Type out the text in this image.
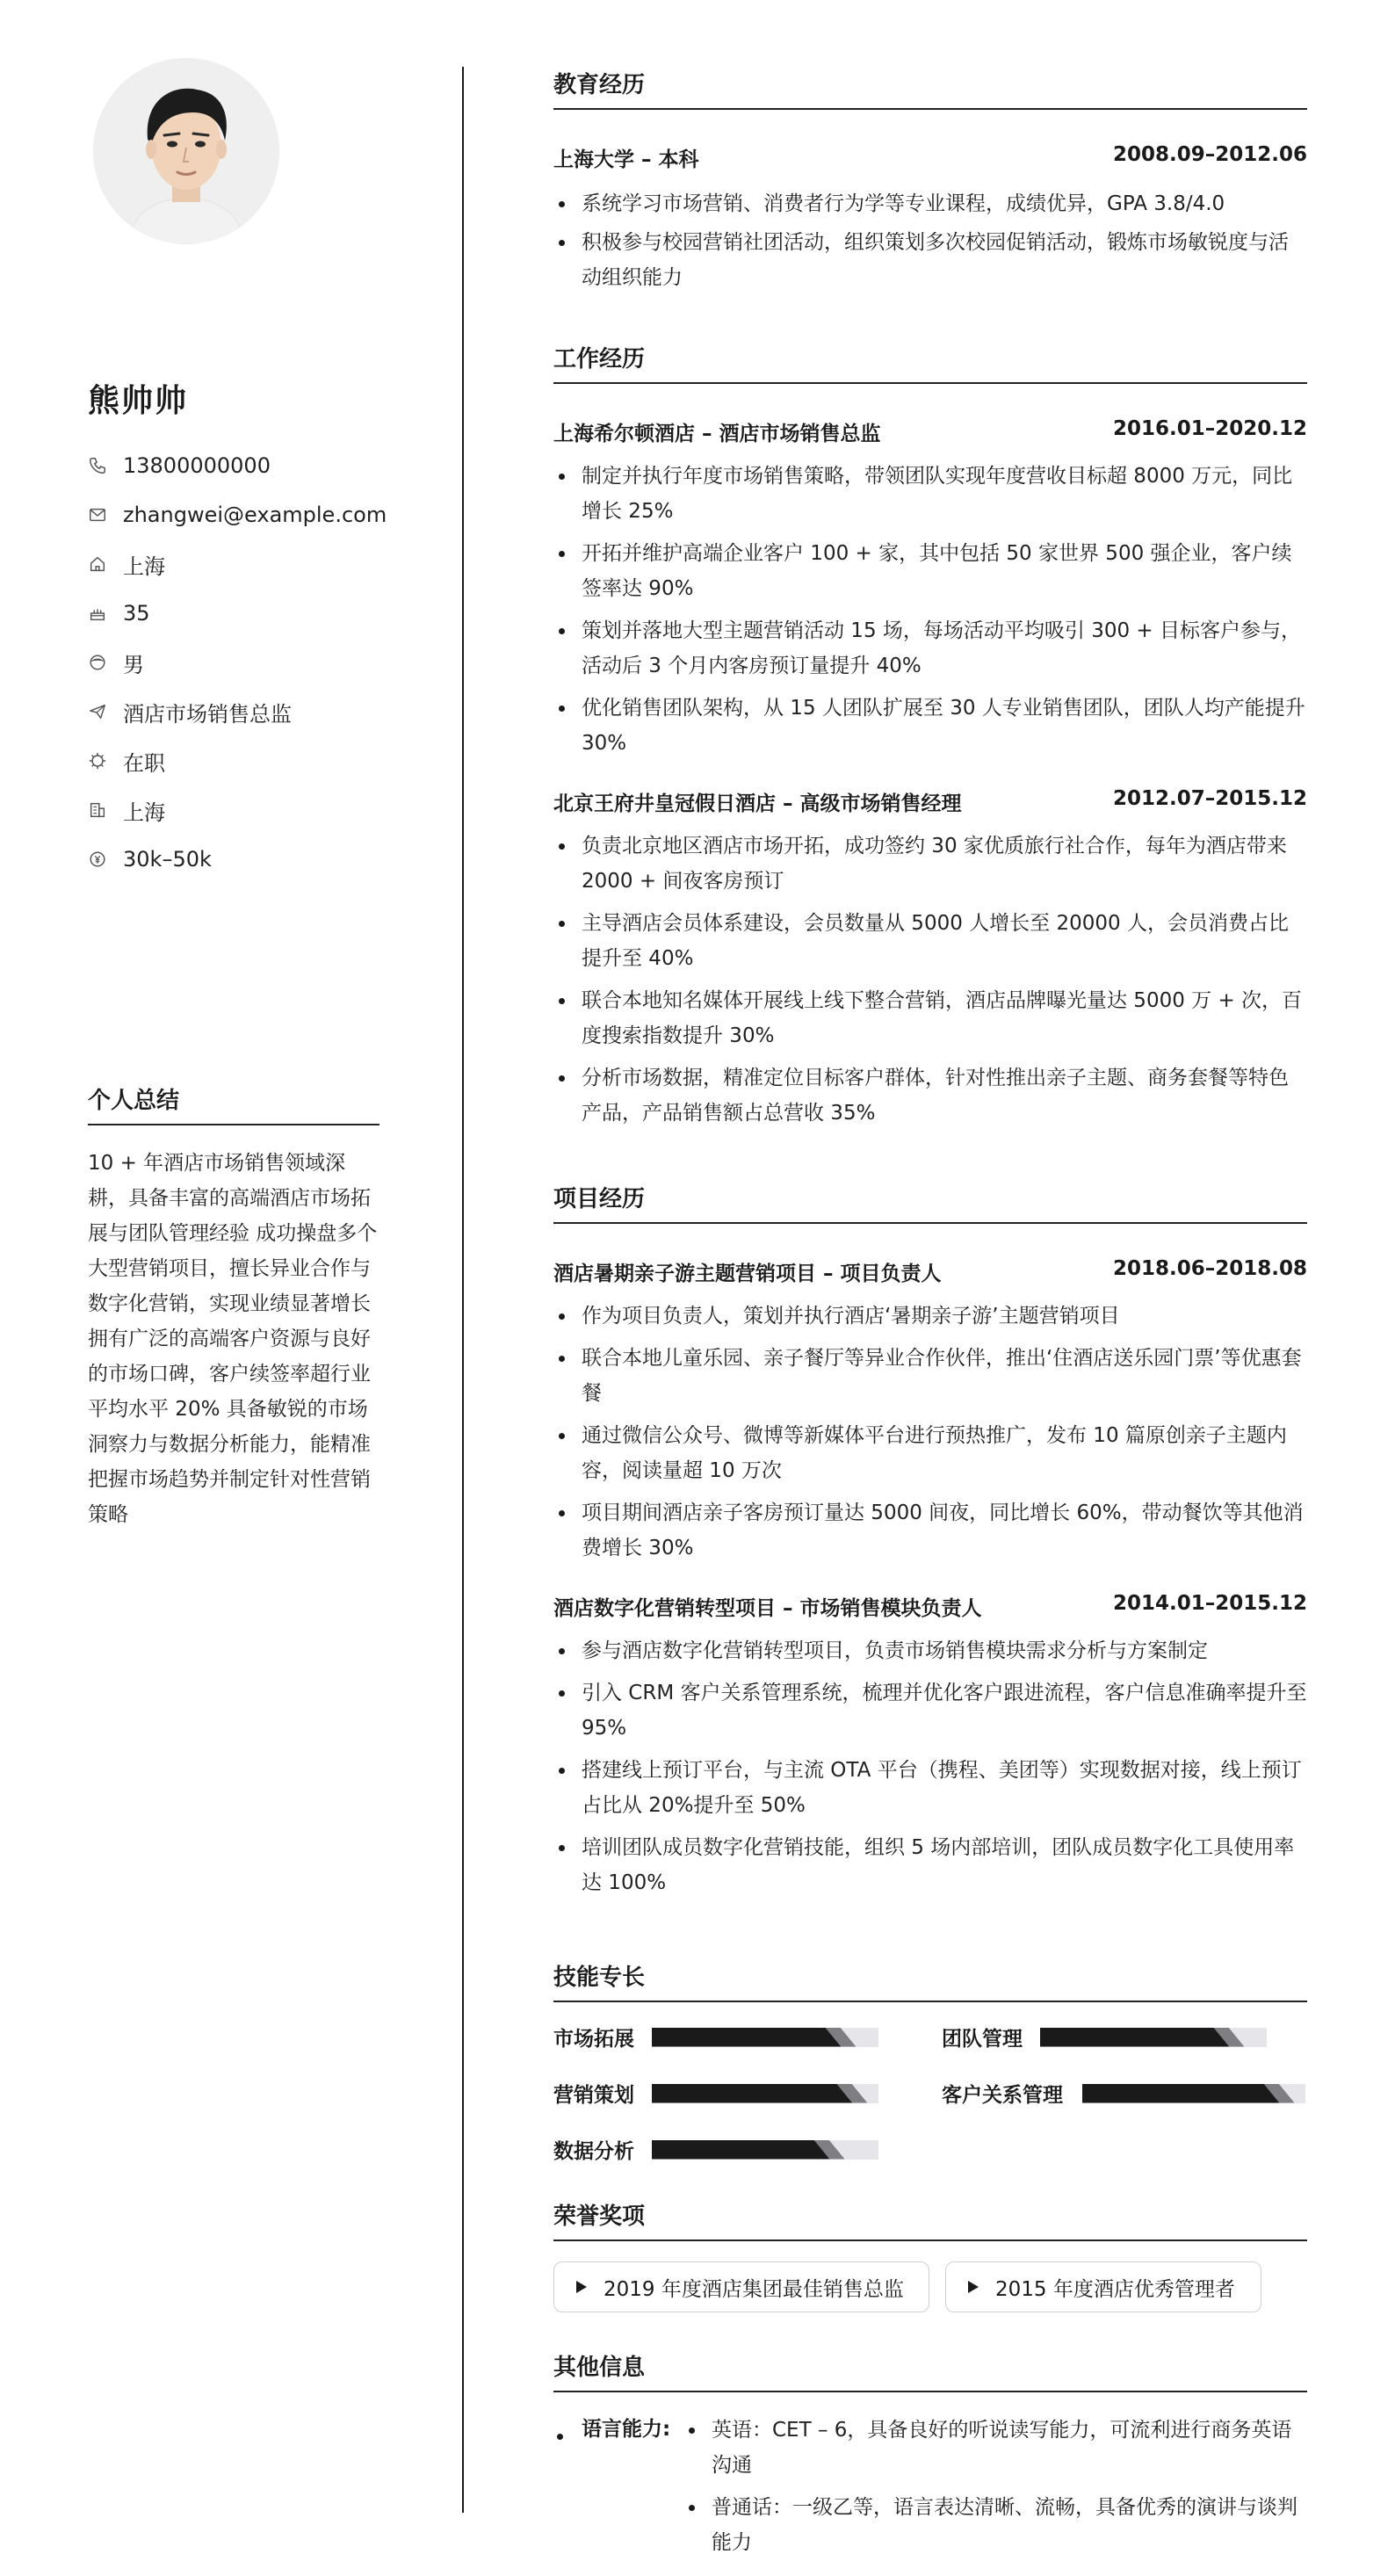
熊帅帅
13800000000
zhangwei@example.com
上海
35
男
酒店市场销售总监
在职
上海
30k–50k
个人总结
10 + 年酒店市场销售领域深耕，具备丰富的高端酒店市场拓展与团队管理经验 成功操盘多个大型营销项目，擅长异业合作与数字化营销，实现业绩显著增长 拥有广泛的高端客户资源与良好的市场口碑，客户续签率超行业平均水平 20% 具备敏锐的市场洞察力与数据分析能力，能精准把握市场趋势并制定针对性营销策略
教育经历
上海大学 – 本科	2008.09–2012.06
系统学习市场营销、消费者行为学等专业课程，成绩优异，GPA 3.8/4.0
积极参与校园营销社团活动，组织策划多次校园促销活动，锻炼市场敏锐度与活动组织能力
工作经历
上海希尔顿酒店 – 酒店市场销售总监	2016.01–2020.12
制定并执行年度市场销售策略，带领团队实现年度营收目标超 8000 万元，同比增长 25%
开拓并维护高端企业客户 100 + 家，其中包括 50 家世界 500 强企业，客户续签率达 90%
策划并落地大型主题营销活动 15 场，每场活动平均吸引 300 + 目标客户参与，活动后 3 个月内客房预订量提升 40%
优化销售团队架构，从 15 人团队扩展至 30 人专业销售团队，团队人均产能提升 30%
北京王府井皇冠假日酒店 – 高级市场销售经理	2012.07–2015.12
负责北京地区酒店市场开拓，成功签约 30 家优质旅行社合作，每年为酒店带来 2000 + 间夜客房预订
主导酒店会员体系建设，会员数量从 5000 人增长至 20000 人，会员消费占比提升至 40%
联合本地知名媒体开展线上线下整合营销，酒店品牌曝光量达 5000 万 + 次，百度搜索指数提升 30%
分析市场数据，精准定位目标客户群体，针对性推出亲子主题、商务套餐等特色产品，产品销售额占总营收 35%
项目经历
酒店暑期亲子游主题营销项目 – 项目负责人	2018.06–2018.08
作为项目负责人，策划并执行酒店‘暑期亲子游’主题营销项目
联合本地儿童乐园、亲子餐厅等异业合作伙伴，推出‘住酒店送乐园门票’等优惠套餐
通过微信公众号、微博等新媒体平台进行预热推广，发布 10 篇原创亲子主题内容，阅读量超 10 万次
项目期间酒店亲子客房预订量达 5000 间夜，同比增长 60%，带动餐饮等其他消费增长 30%
酒店数字化营销转型项目 – 市场销售模块负责人	2014.01–2015.12
参与酒店数字化营销转型项目，负责市场销售模块需求分析与方案制定
引入 CRM 客户关系管理系统，梳理并优化客户跟进流程，客户信息准确率提升至 95%
搭建线上预订平台，与主流 OTA 平台（携程、美团等）实现数据对接，线上预订占比从 20%提升至 50%
培训团队成员数字化营销技能，组织 5 场内部培训，团队成员数字化工具使用率达 100%
技能专长
市场拓展	团队管理
营销策划	客户关系管理
数据分析
荣誉奖项
2019 年度酒店集团最佳销售总监	2015 年度酒店优秀管理者
其他信息
语言能力:	英语：CET – 6，具备良好的听说读写能力，可流利进行商务英语沟通
普通话：一级乙等，语言表达清晰、流畅，具备优秀的演讲与谈判能力
